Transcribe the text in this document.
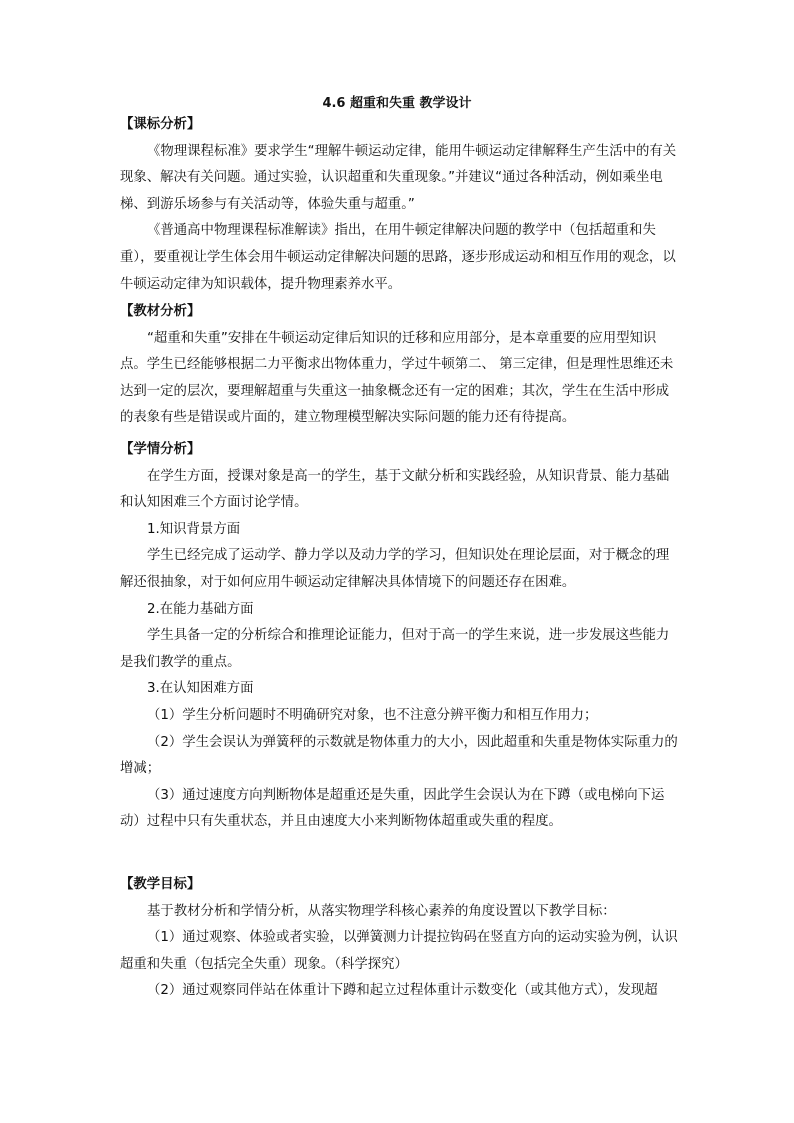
4.6 超重和失重 教学设计
【课标分析】

《物理课程标准》要求学生“理解牛顿运动定律，能用牛顿运动定律解释生产生活中的有关现象、解决有关问题。通过实验，认识超重和失重现象。”并建议“通过各种活动，例如乘坐电梯、到游乐场参与有关活动等，体验失重与超重。”

《普通高中物理课程标准解读》指出，在用牛顿定律解决问题的教学中（包括超重和失重），要重视让学生体会用牛顿运动定律解决问题的思路，逐步形成运动和相互作用的观念，以牛顿运动定律为知识载体，提升物理素养水平。

【教材分析】

“超重和失重”安排在牛顿运动定律后知识的迁移和应用部分，是本章重要的应用型知识点。学生已经能够根据二力平衡求出物体重力，学过牛顿第二、 第三定律，但是理性思维还未达到一定的层次，要理解超重与失重这一抽象概念还有一定的困难；其次，学生在生活中形成的表象有些是错误或片面的，建立物理模型解决实际问题的能力还有待提高。

【学情分析】

在学生方面，授课对象是高一的学生，基于文献分析和实践经验，从知识背景、能力基础和认知困难三个方面讨论学情。

1.知识背景方面

学生已经完成了运动学、静力学以及动力学的学习，但知识处在理论层面，对于概念的理解还很抽象，对于如何应用牛顿运动定律解决具体情境下的问题还存在困难。

2.在能力基础方面

学生具备一定的分析综合和推理论证能力，但对于高一的学生来说，进一步发展这些能力是我们教学的重点。

3.在认知困难方面

（1）学生分析问题时不明确研究对象，也不注意分辨平衡力和相互作用力；

（2）学生会误认为弹簧秤的示数就是物体重力的大小，因此超重和失重是物体实际重力的增减；

（3）通过速度方向判断物体是超重还是失重，因此学生会误认为在下蹲（或电梯向下运动）过程中只有失重状态，并且由速度大小来判断物体超重或失重的程度。

【教学目标】

基于教材分析和学情分析，从落实物理学科核心素养的角度设置以下教学目标：

（1）通过观察、体验或者实验，以弹簧测力计提拉钩码在竖直方向的运动实验为例，认识超重和失重（包括完全失重）现象。（科学探究）

（2）通过观察同伴站在体重计下蹲和起立过程体重计示数变化（或其他方式），发现超
